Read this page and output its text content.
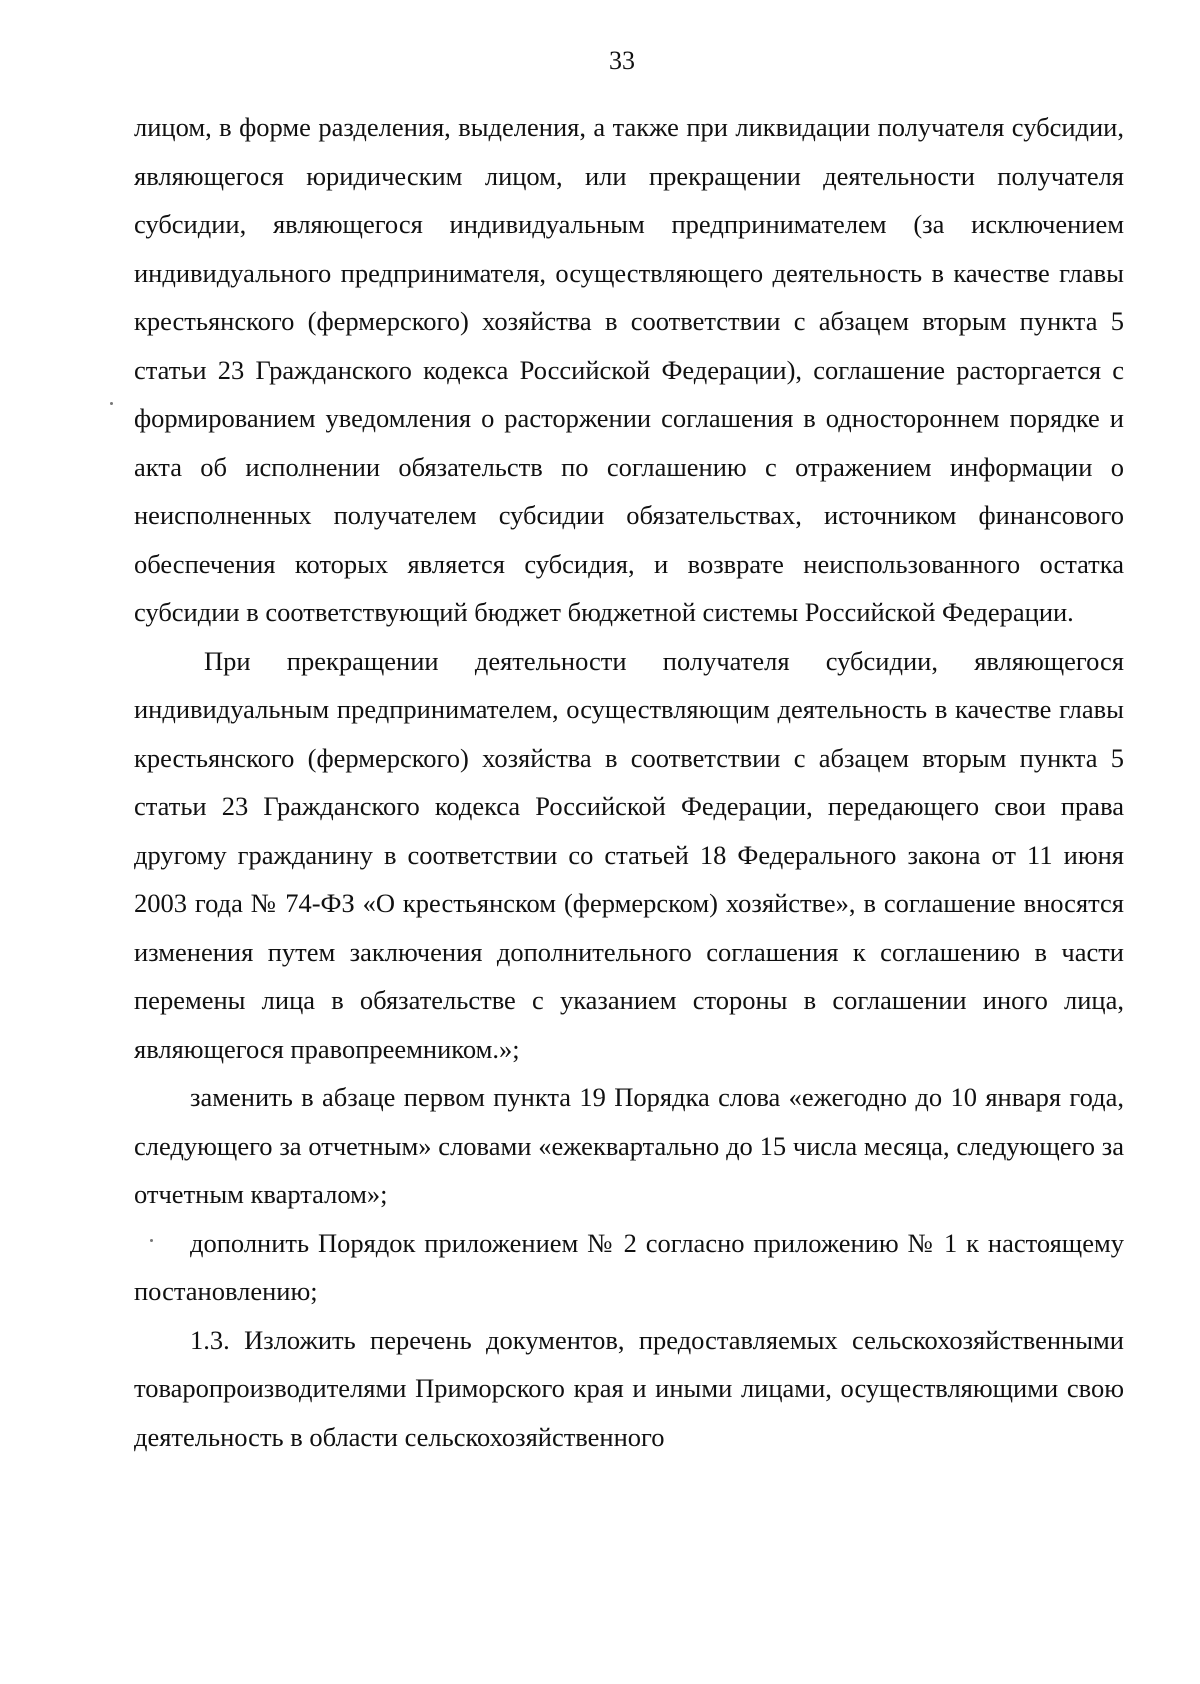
33

лицом, в форме разделения, выделения, а также при ликвидации получателя субсидии, являющегося юридическим лицом, или прекращении деятельности получателя субсидии, являющегося индивидуальным предпринимателем (за исключением индивидуального предпринимателя, осуществляющего деятельность в качестве главы крестьянского (фермерского) хозяйства в соответствии с абзацем вторым пункта 5 статьи 23 Гражданского кодекса Российской Федерации), соглашение расторгается с формированием уведомления о расторжении соглашения в одностороннем порядке и акта об исполнении обязательств по соглашению с отражением информации о неисполненных получателем субсидии обязательствах, источником финансового обеспечения которых является субсидия, и возврате неиспользованного остатка субсидии в соответствующий бюджет бюджетной системы Российской Федерации.

При прекращении деятельности получателя субсидии, являющегося индивидуальным предпринимателем, осуществляющим деятельность в качестве главы крестьянского (фермерского) хозяйства в соответствии с абзацем вторым пункта 5 статьи 23 Гражданского кодекса Российской Федерации, передающего свои права другому гражданину в соответствии со статьей 18 Федерального закона от 11 июня 2003 года № 74-ФЗ «О крестьянском (фермерском) хозяйстве», в соглашение вносятся изменения путем заключения дополнительного соглашения к соглашению в части перемены лица в обязательстве с указанием стороны в соглашении иного лица, являющегося правопреемником.»;

заменить в абзаце первом пункта 19 Порядка слова «ежегодно до 10 января года, следующего за отчетным» словами «ежеквартально до 15 числа месяца, следующего за отчетным кварталом»;

дополнить Порядок приложением № 2 согласно приложению № 1 к настоящему постановлению;

1.3. Изложить перечень документов, предоставляемых сельскохозяйственными товаропроизводителями Приморского края и иными лицами, осуществляющими свою деятельность в области сельскохозяйственного
